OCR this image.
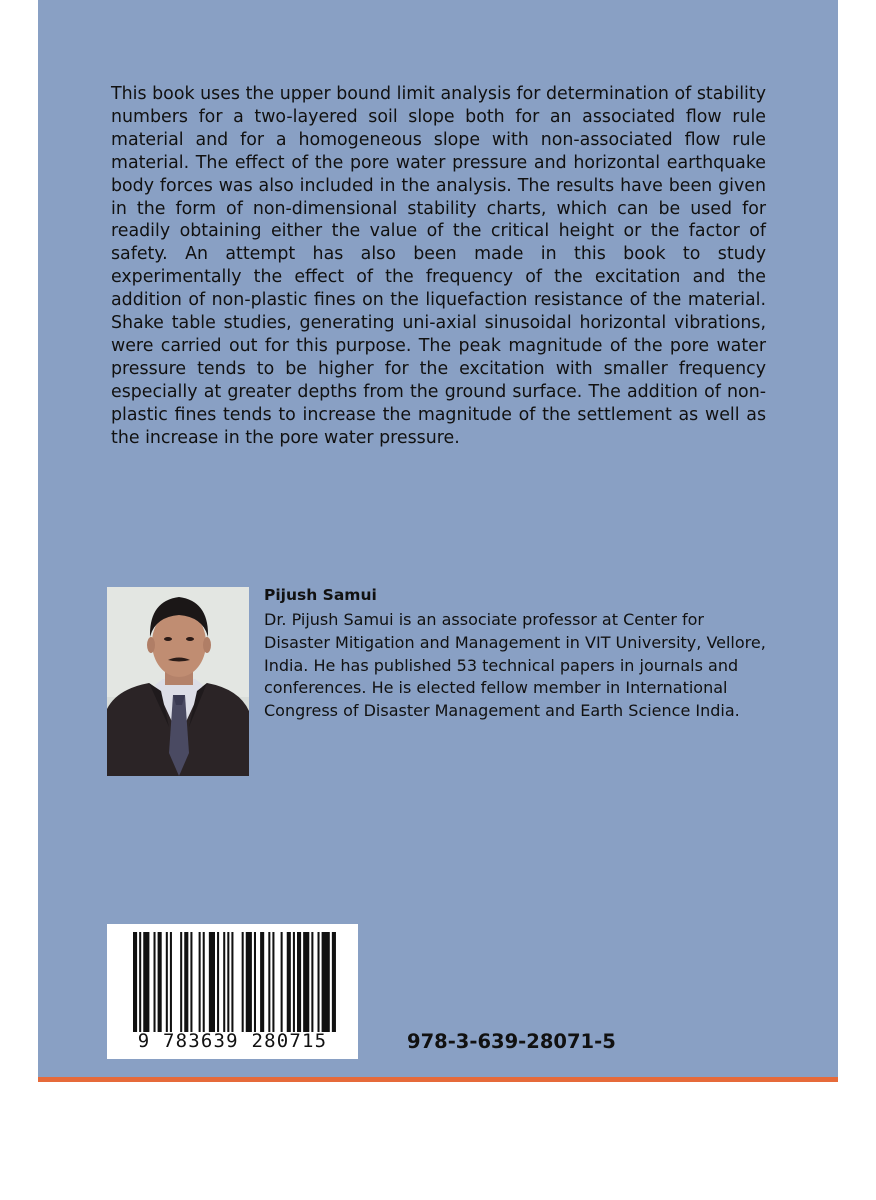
This book uses the upper bound limit analysis for determination of stability numbers for a two-layered soil slope both for an associated flow rule material and for a homogeneous slope with non-associated flow rule material. The effect of the pore water pressure and horizontal earthquake body forces was also included in the analysis. The results have been given in the form of non-dimensional stability charts, which can be used for readily obtaining either the value of the critical height or the factor of safety. An attempt has also been made in this book to study experimentally the effect of the frequency of the excitation and the addition of non-plastic fines on the liquefaction resistance of the material. Shake table studies, generating uni-axial sinusoidal horizontal vibrations, were carried out for this purpose. The peak magnitude of the pore water pressure tends to be higher for the excitation with smaller frequency especially at greater depths from the ground surface. The addition of non-plastic fines tends to increase the magnitude of the settlement as well as the increase in the pore water pressure.

Pijush Samui

Dr. Pijush Samui is an associate professor at Center for Disaster Mitigation and Management in VIT University, Vellore, India. He has published 53 technical papers in journals and conferences. He is elected fellow member in International Congress of Disaster Management and Earth Science India.

9 783639 280715	978-3-639-28071-5
